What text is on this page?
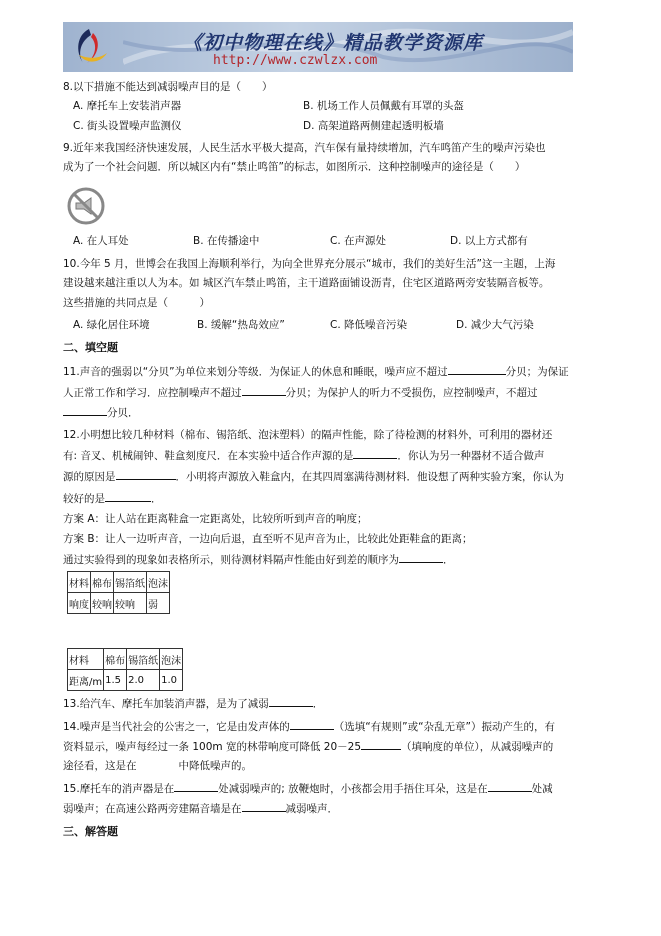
《初中物理在线》精品教学资源库
http://www.czwlzx.com
8.以下措施不能达到减弱噪声目的是（　　）
A. 摩托车上安装消声器	B. 机场工作人员佩戴有耳罩的头盔
C. 街头设置噪声监测仪	D. 高架道路两侧建起透明板墙
9.近年来我国经济快速发展，人民生活水平极大提高，汽车保有量持续增加，汽车鸣笛产生的噪声污染也
成为了一个社会问题．所以城区内有“禁止鸣笛”的标志，如图所示．这种控制噪声的途径是（　　）
A. 在人耳处	B. 在传播途中	C. 在声源处	D. 以上方式都有
10.今年 5 月，世博会在我国上海顺利举行，为向全世界充分展示“城市，我们的美好生活”这一主题，上海
建设越来越注重以人为本。如 城区汽车禁止鸣笛，主干道路面铺设沥青，住宅区道路两旁安装隔音板等。
这些措施的共同点是（　　　）
A. 绿化居住环境	B. 缓解“热岛效应”	C. 降低噪音污染	D. 减少大气污染
二、填空题
11.声音的强弱以“分贝”为单位来划分等级．为保证人的休息和睡眠，噪声应不超过	分贝；为保证
人正常工作和学习．应控制噪声不超过	分贝；为保护人的听力不受损伤，应控制噪声，不超过
分贝．
12.小明想比较几种材料（棉布、锡箔纸、泡沫塑料）的隔声性能，除了待检测的材料外，可利用的器材还
有: 音叉、机械闹钟、鞋盒刻度尺．在本实验中适合作声源的是	．你认为另一种器材不适合做声
源的原因是	．小明将声源放入鞋盒内，在其四周塞满待测材料．他设想了两种实验方案，你认为
较好的是	．
方案 A：让人站在距离鞋盒一定距离处，比较所听到声音的响度；
方案 B：让人一边听声音，一边向后退，直至听不见声音为止，比较此处距鞋盒的距离；
通过实验得到的现象如表格所示，则待测材料隔声性能由好到差的顺序为	．
材料	棉布	锡箔纸	泡沫
响度	较响	较响	弱
材料	棉布	锡箔纸	泡沫
距离/m	1.5	2.0	1.0
13.给汽车、摩托车加装消声器，是为了减弱	．
14.噪声是当代社会的公害之一，它是由发声体的	（选填“有规则”或“杂乱无章”）振动产生的，有
资料显示，噪声每经过一条 100m 宽的林带响度可降低 20－25	（填响度的单位），从减弱噪声的
途径看，这是在　　　　中降低噪声的。
15.摩托车的消声器是在	处减弱噪声的; 放鞭炮时，小孩都会用手捂住耳朵，这是在	处减
弱噪声；在高速公路两旁建隔音墙是在	减弱噪声．
三、解答题
